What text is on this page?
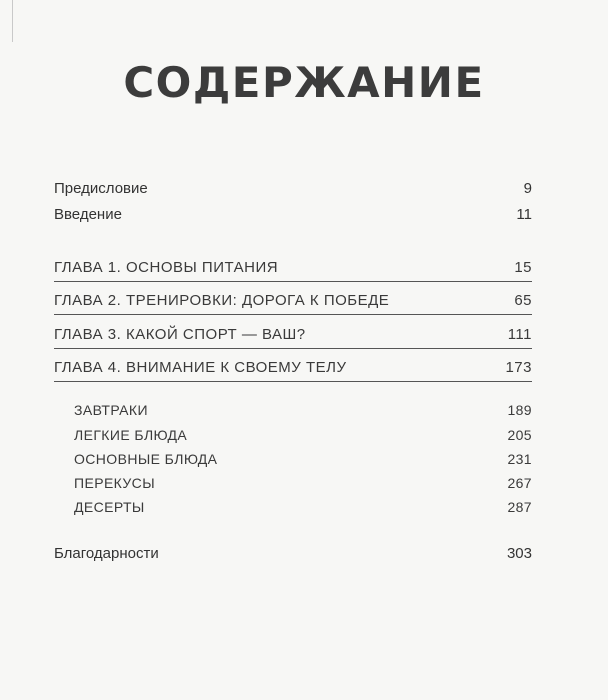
СОДЕРЖАНИЕ
Предисловие	9
Введение	11
ГЛАВА 1. ОСНОВЫ ПИТАНИЯ	15
ГЛАВА 2. ТРЕНИРОВКИ: ДОРОГА К ПОБЕДЕ	65
ГЛАВА 3. КАКОЙ СПОРТ — ВАШ?	111
ГЛАВА 4. ВНИМАНИЕ К СВОЕМУ ТЕЛУ	173
ЗАВТРАКИ	189
ЛЕГКИЕ БЛЮДА	205
ОСНОВНЫЕ БЛЮДА	231
ПЕРЕКУСЫ	267
ДЕСЕРТЫ	287
Благодарности	303
